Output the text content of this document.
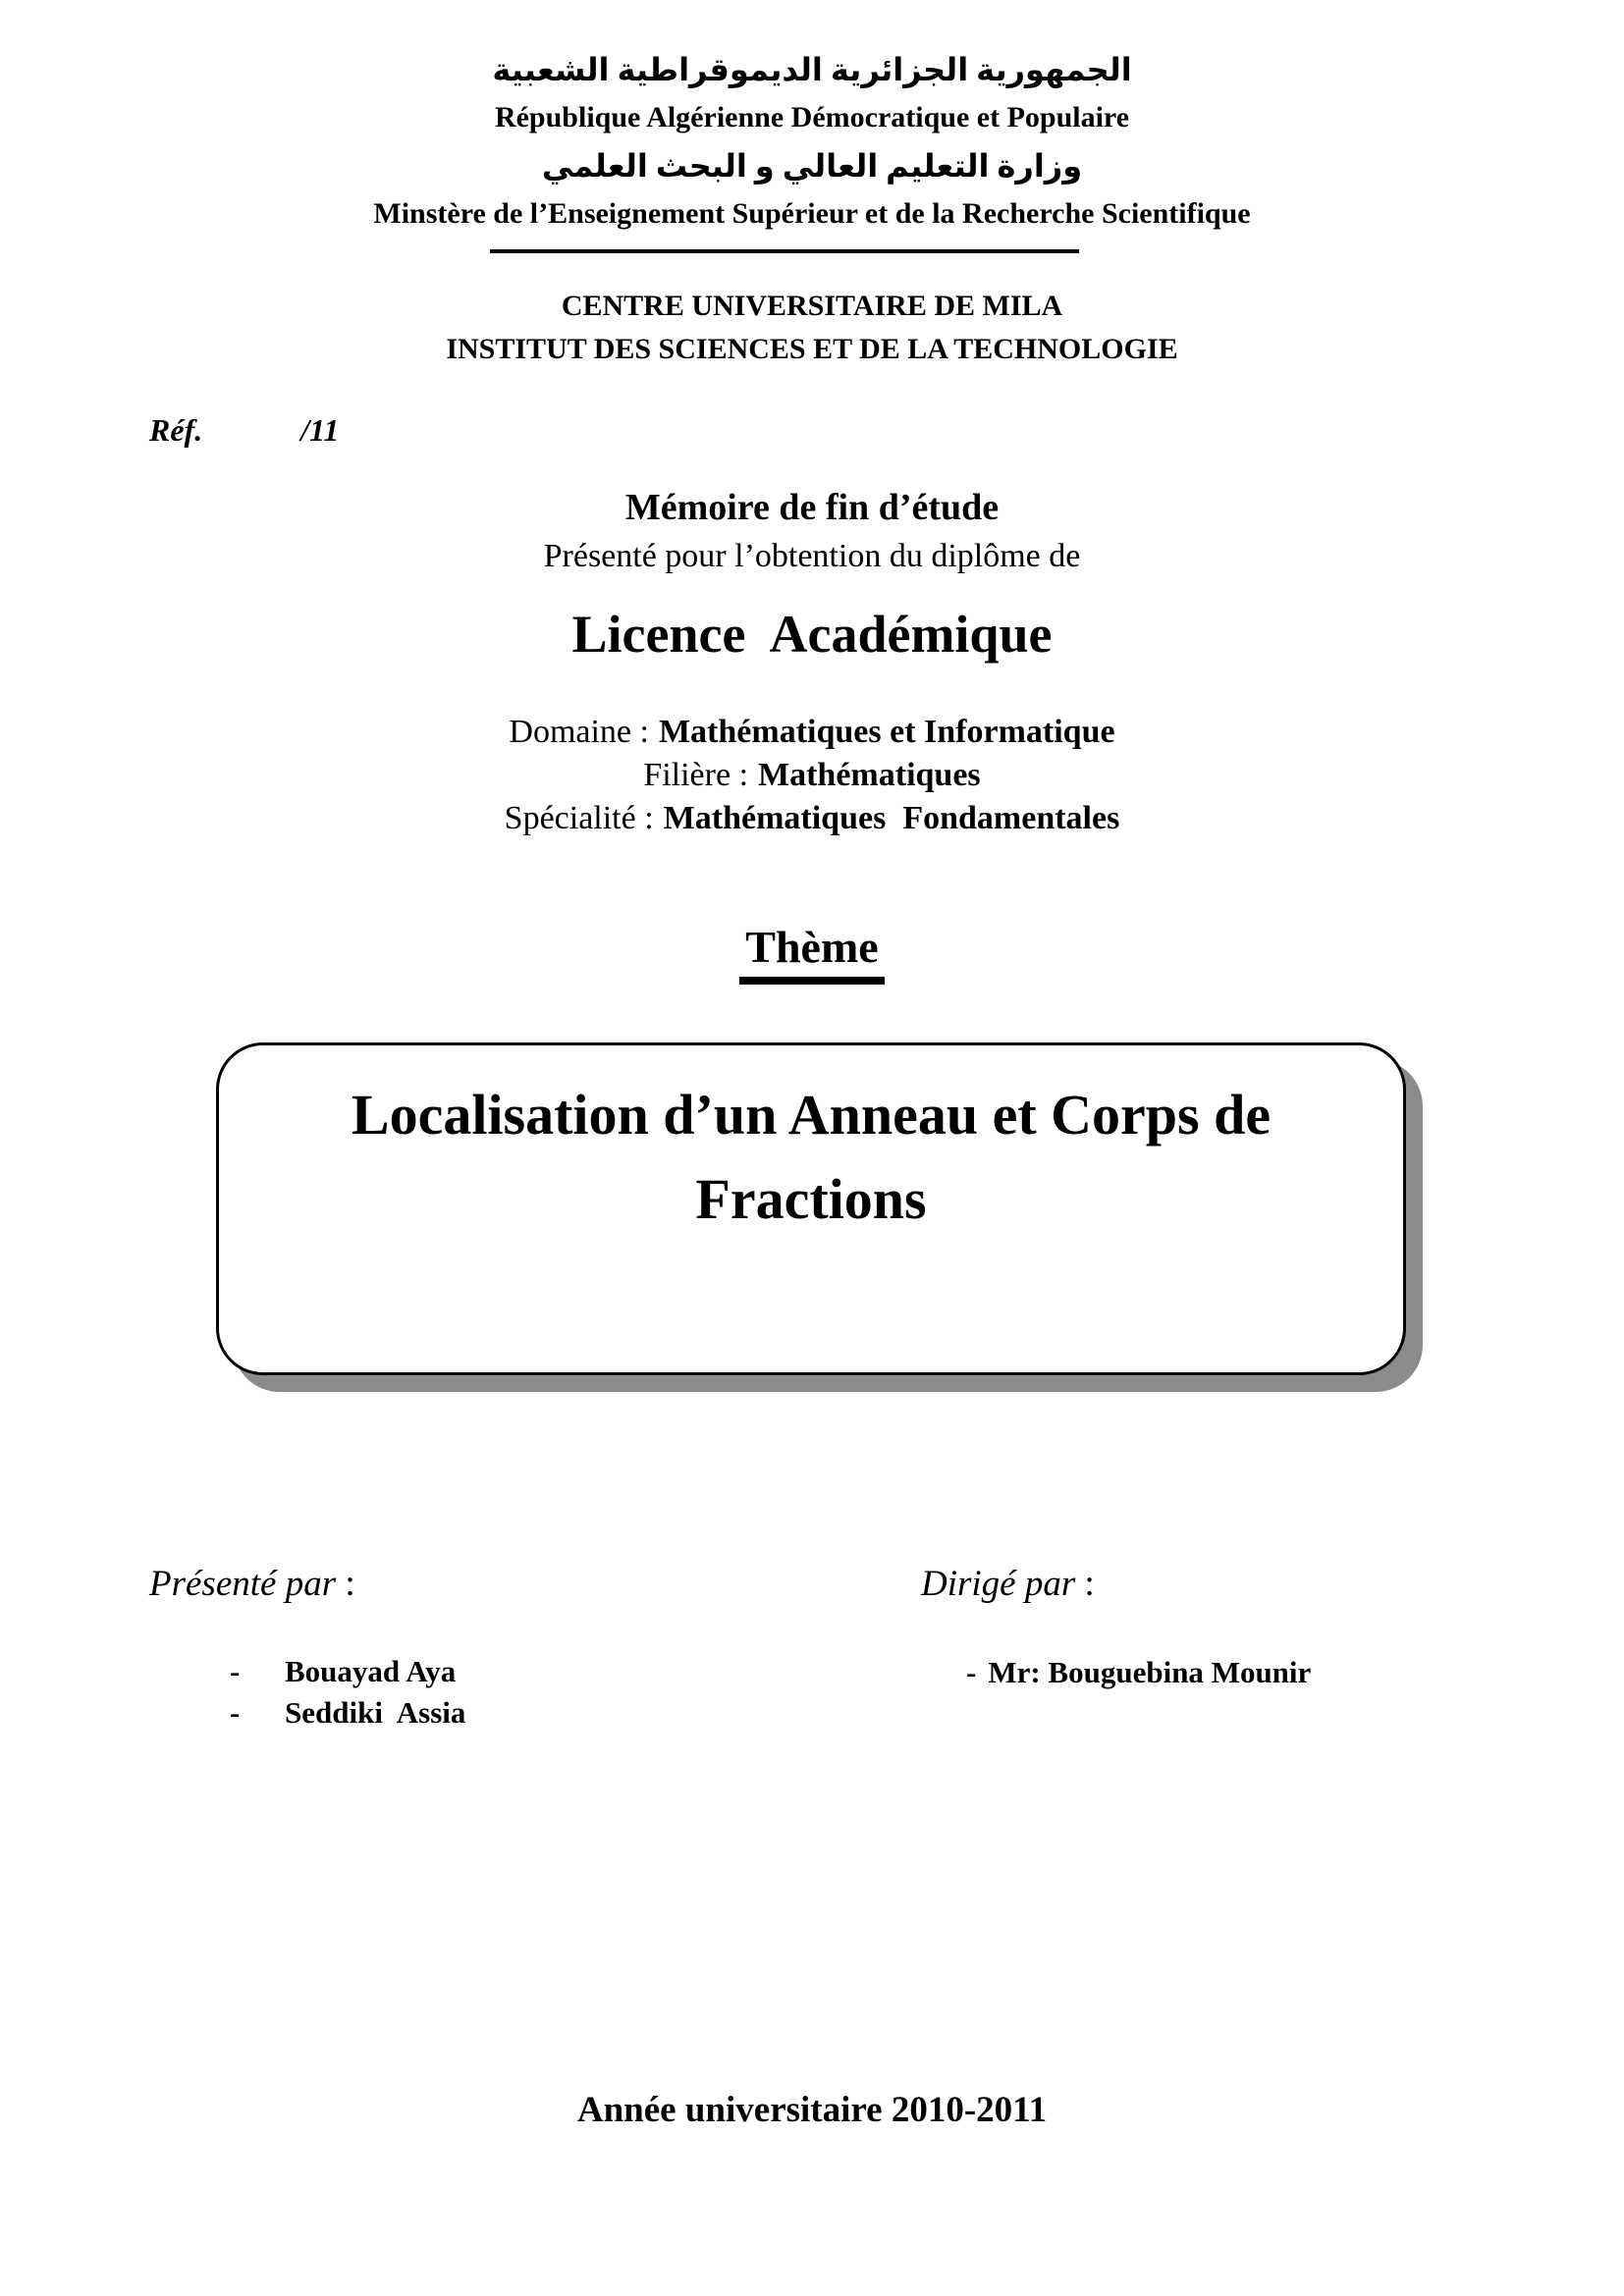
الجمهورية الجزائرية الديموقراطية الشعبية
République Algérienne Démocratique et Populaire
وزارة التعليم العالي و البحث العلمي
Minstère de l’Enseignement Supérieur et de la Recherche Scientifique
CENTRE UNIVERSITAIRE DE MILA
INSTITUT DES SCIENCES ET DE LA TECHNOLOGIE
Réf.	/11
Mémoire de fin d’étude
Présenté pour l’obtention du diplôme de
Licence  Académique
Domaine : Mathématiques et Informatique
Filière : Mathématiques
Spécialité : Mathématiques  Fondamentales
Thème
Localisation d’un Anneau et Corps de
Fractions
Présenté par :	Dirigé par :
-	Bouayad Aya
-	Seddiki  Assia
- Mr: Bouguebina Mounir
Année universitaire 2010-2011
